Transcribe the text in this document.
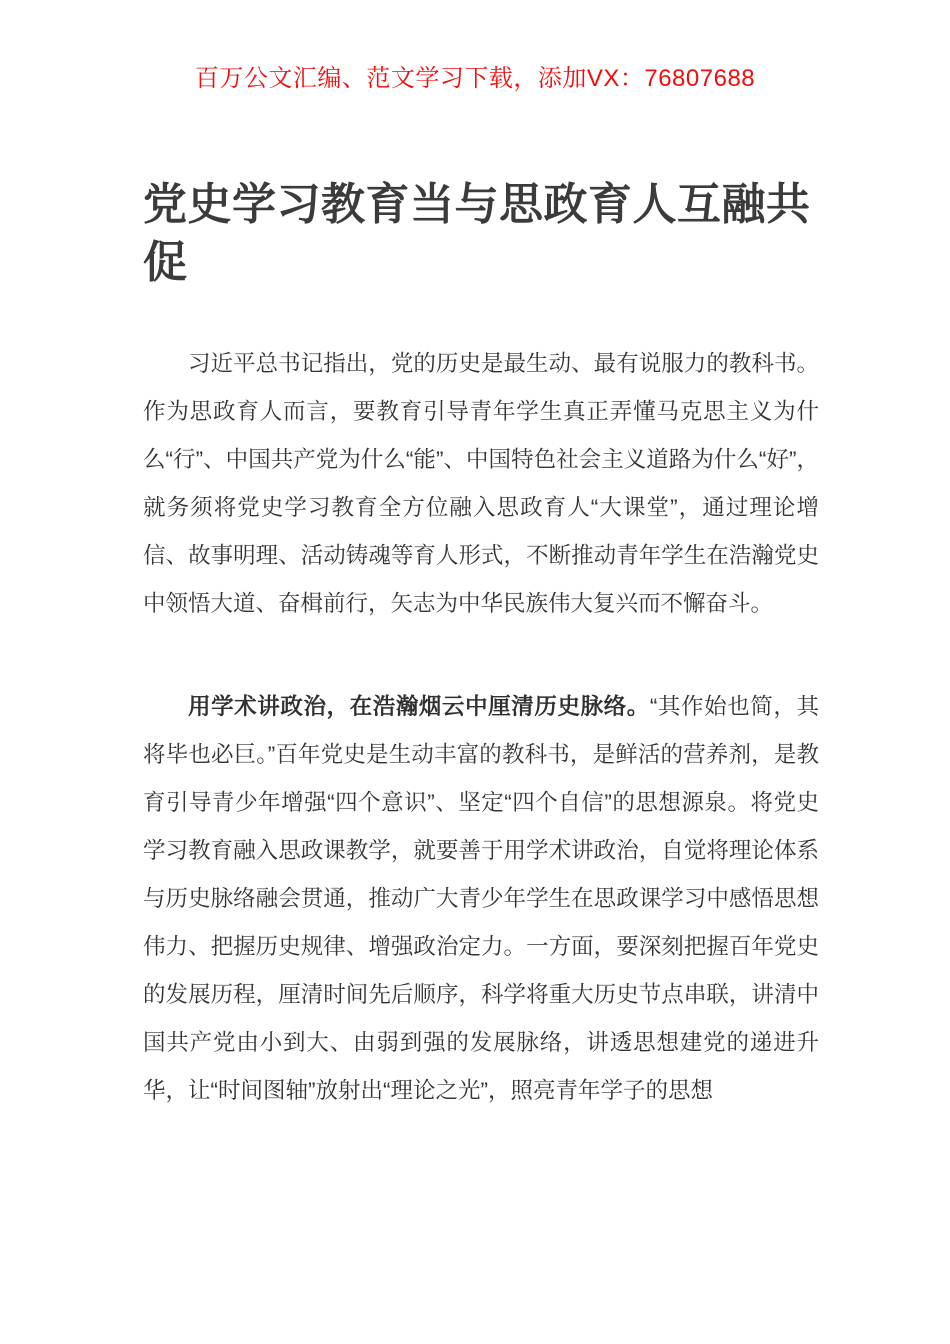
百万公文汇编、范文学习下载，添加VX：76807688
党史学习教育当与思政育人互融共促

习近平总书记指出，党的历史是最生动、最有说服力的教科书。作为思政育人而言，要教育引导青年学生真正弄懂马克思主义为什么“行”、中国共产党为什么“能”、中国特色社会主义道路为什么“好”，就务须将党史学习教育全方位融入思政育人“大课堂”，通过理论增信、故事明理、活动铸魂等育人形式，不断推动青年学生在浩瀚党史中领悟大道、奋楫前行，矢志为中华民族伟大复兴而不懈奋斗。

用学术讲政治，在浩瀚烟云中厘清历史脉络。“其作始也简，其将毕也必巨。”百年党史是生动丰富的教科书，是鲜活的营养剂，是教育引导青少年增强“四个意识”、坚定“四个自信”的思想源泉。将党史学习教育融入思政课教学，就要善于用学术讲政治，自觉将理论体系与历史脉络融会贯通，推动广大青少年学生在思政课学习中感悟思想伟力、把握历史规律、增强政治定力。一方面，要深刻把握百年党史的发展历程，厘清时间先后顺序，科学将重大历史节点串联，讲清中国共产党由小到大、由弱到强的发展脉络，讲透思想建党的递进升华，让“时间图轴”放射出“理论之光”，照亮青年学子的思想
